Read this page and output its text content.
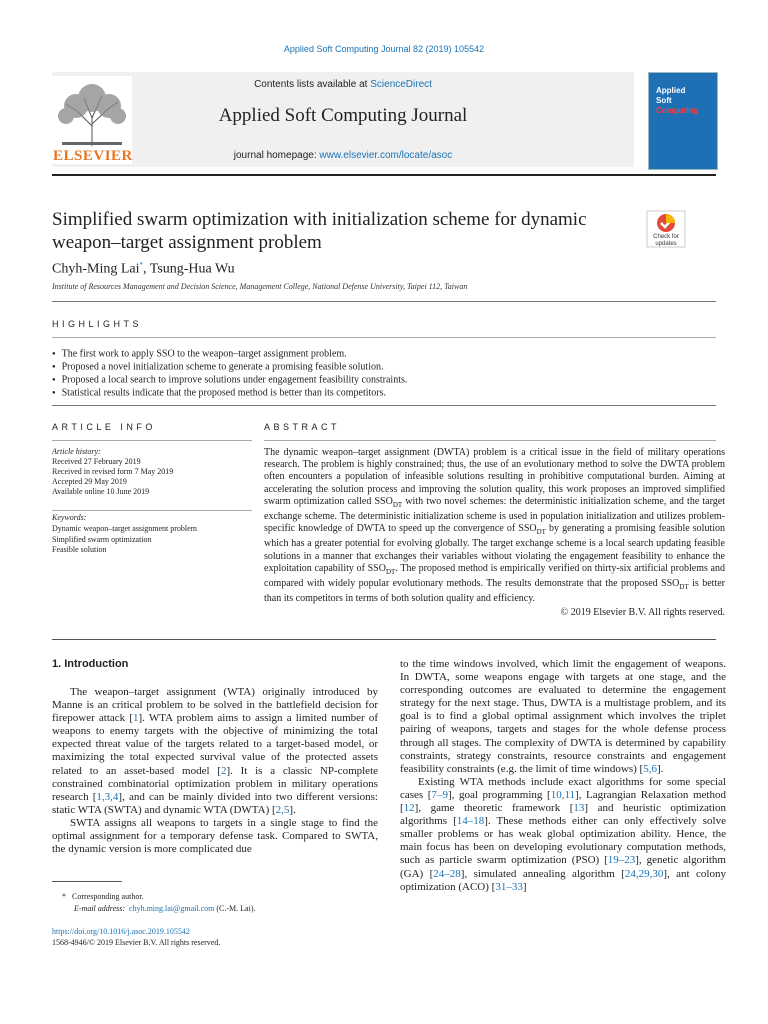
Applied Soft Computing Journal 82 (2019) 105542
ELSEVIER
Contents lists available at ScienceDirect
Applied Soft Computing Journal
journal homepage: www.elsevier.com/locate/asoc
Applied
Soft
Computing
Simplified swarm optimization with initialization scheme for dynamic weapon–target assignment problem	Check for updates
Chyh-Ming Lai*, Tsung-Hua Wu
Institute of Resources Management and Decision Science, Management College, National Defense University, Taipei 112, Taiwan
HIGHLIGHTS
● The first work to apply SSO to the weapon–target assignment problem.
● Proposed a novel initialization scheme to generate a promising feasible solution.
● Proposed a local search to improve solutions under engagement feasibility constraints.
● Statistical results indicate that the proposed method is better than its competitors.
ARTICLE INFO
Article history:
Received 27 February 2019
Received in revised form 7 May 2019
Accepted 29 May 2019
Available online 10 June 2019
Keywords:
Dynamic weapon–target assignment problem
Simplified swarm optimization
Feasible solution
ABSTRACT
The dynamic weapon–target assignment (DWTA) problem is a critical issue in the field of military operations research. The problem is highly constrained; thus, the use of an evolutionary method to solve the DWTA problem often encounters a population of infeasible solutions resulting in prohibitive computational burden. Aiming at accelerating the solution process and improving the solution quality, this work proposes an improved simplified swarm optimization called $SSO_{DT}$ with two novel schemes: the deterministic initialization scheme, and the target exchange scheme. The deterministic initialization scheme is used in population initialization and utilizes problem-specific knowledge of DWTA to speed up the convergence of $SSO_{DT}$ by generating a promising feasible solution which has a greater potential for evolving globally. The target exchange scheme is a local search updating feasible solutions in a manner that exchanges their variables without violating the engagement feasibility to enhance the exploitation capability of $SSO_{DT}$. The proposed method is empirically verified on thirty-six artificial problems and compared with widely popular evolutionary methods. The results demonstrate that the proposed $SSO_{DT}$ is better than its competitors in terms of both solution quality and efficiency.
© 2019 Elsevier B.V. All rights reserved.
1. Introduction

The weapon–target assignment (WTA) originally introduced by Manne is an critical problem to be solved in the battlefield decision for firepower attack [1]. WTA problem aims to assign a limited number of weapons to enemy targets with the objective of minimizing the total expected threat value of the targets related to a target-based model, or maximizing the total expected survival value of the protected assets related to an asset-based model [2]. It is a classic NP-complete constrained combinatorial optimization problem in military operations research [1,3,4], and can be mainly divided into two different versions: static WTA (SWTA) and dynamic WTA (DWTA) [2,5].

SWTA assigns all weapons to targets in a single stage to find the optimal assignment for a temporary defense task. Compared to SWTA, the dynamic version is more complicated due

to the time windows involved, which limit the engagement of weapons. In DWTA, some weapons engage with targets at one stage, and the corresponding outcomes are evaluated to determine the engagement strategy for the next stage. Thus, DWTA is a multistage problem, and its goal is to find a global optimal assignment which involves the triplet pairing of weapons, targets and stages for the whole defense process through all stages. The complexity of DWTA is determined by capability constraints, strategy constraints, resource constraints and engagement feasibility constraints (e.g. the limit of time windows) [5,6].

Existing WTA methods include exact algorithms for some special cases [7–9], goal programming [10,11], Lagrangian Relaxation method [12], game theoretic framework [13] and heuristic optimization algorithms [14–18]. These methods either can only effectively solve smaller problems or has weak global optimization ability. Hence, the main focus has been on developing evolutionary computation methods, such as particle swarm optimization (PSO) [19–23], genetic algorithm (GA) [24–28], simulated annealing algorithm [24,29,30], ant colony optimization (ACO) [31–33]

* Corresponding author.
E-mail address: chyh.ming.lai@gmail.com (C.-M. Lai).
https://doi.org/10.1016/j.asoc.2019.105542
1568-4946/© 2019 Elsevier B.V. All rights reserved.
